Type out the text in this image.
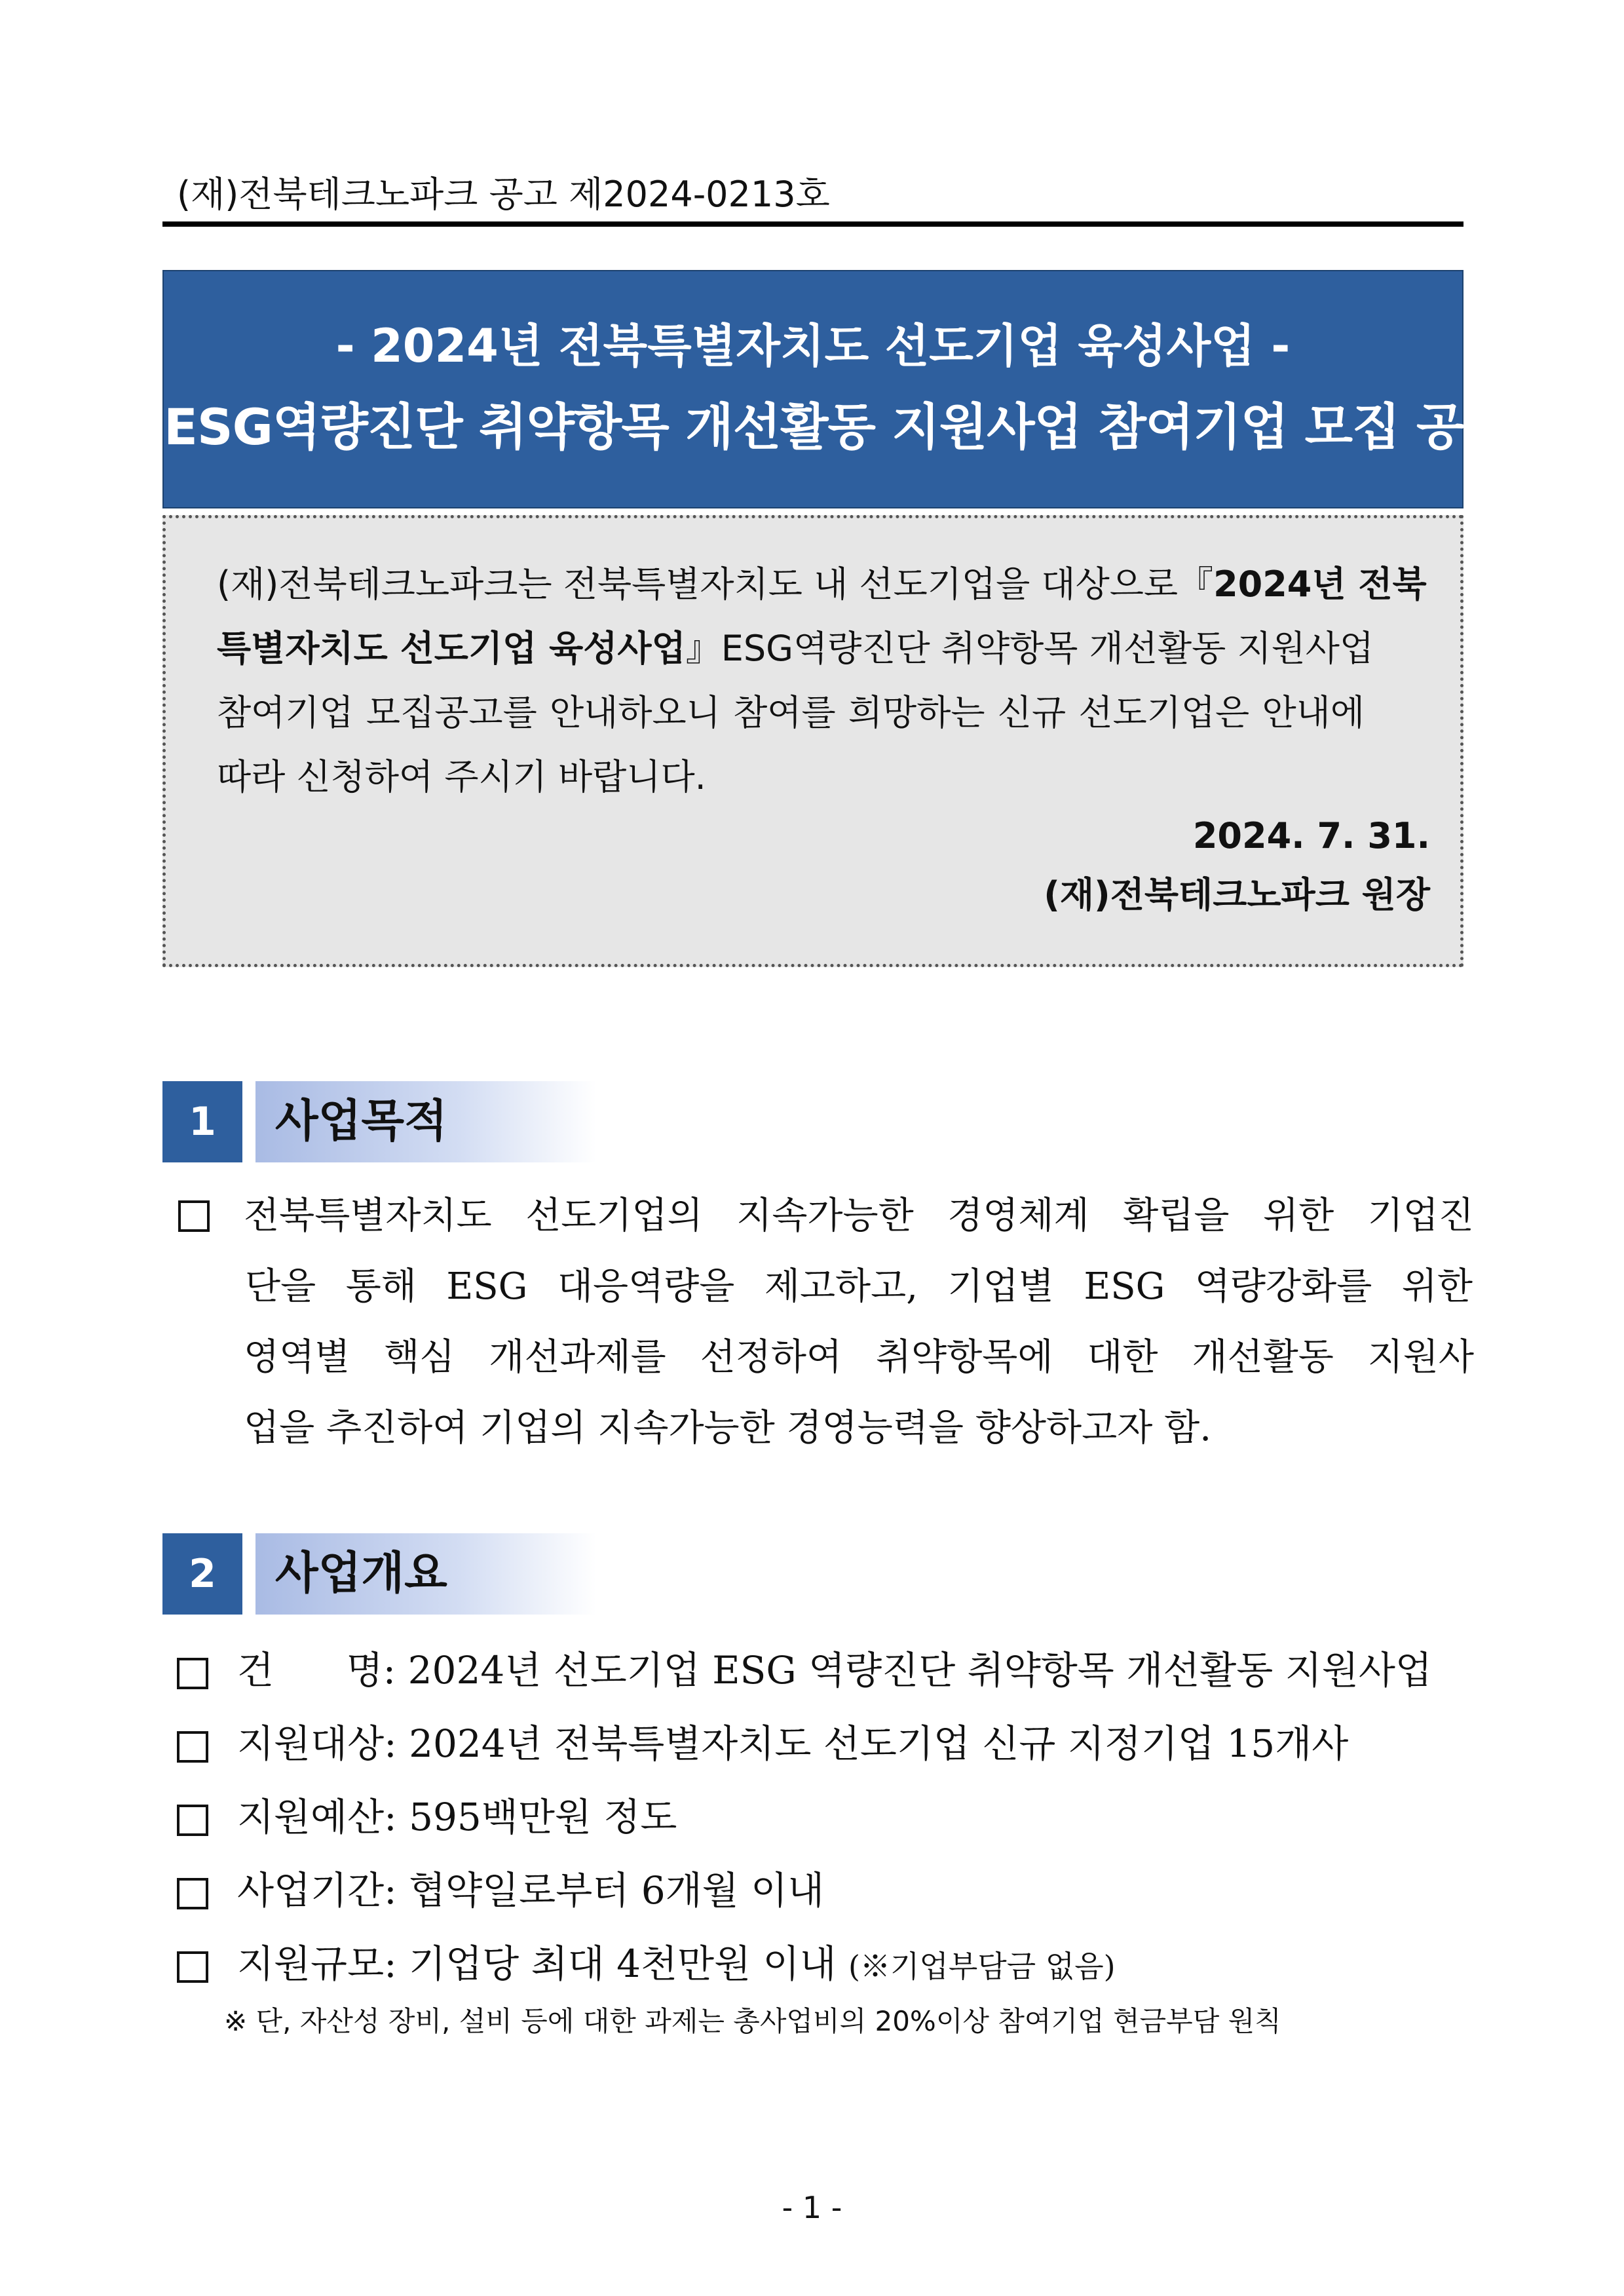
(재)전북테크노파크 공고 제2024-0213호
- 2024년 전북특별자치도 선도기업 육성사업 -
ESG역량진단 취약항목 개선활동 지원사업 참여기업 모집 공고
(재)전북테크노파크는 전북특별자치도 내 선도기업을 대상으로『2024년 전북
특별자치도 선도기업 육성사업』ESG역량진단 취약항목 개선활동 지원사업
참여기업 모집공고를 안내하오니 참여를 희망하는 신규 선도기업은 안내에
따라 신청하여 주시기 바랍니다.
2024. 7. 31.
(재)전북테크노파크 원장
1	사업목적
전북특별자치도 선도기업의 지속가능한 경영체계 확립을 위한 기업진
단을 통해 ESG 대응역량을 제고하고, 기업별 ESG 역량강화를 위한
영역별 핵심 개선과제를 선정하여 취약항목에 대한 개선활동 지원사
업을 추진하여 기업의 지속가능한 경영능력을 향상하고자 함.
2	사업개요
건      명: 2024년 선도기업 ESG 역량진단 취약항목 개선활동 지원사업
지원대상: 2024년 전북특별자치도 선도기업 신규 지정기업 15개사
지원예산: 595백만원 정도
사업기간: 협약일로부터 6개월 이내
지원규모: 기업당 최대 4천만원 이내 (※기업부담금 없음)
※ 단, 자산성 장비, 설비 등에 대한 과제는 총사업비의 20%이상 참여기업 현금부담 원칙
- 1 -
